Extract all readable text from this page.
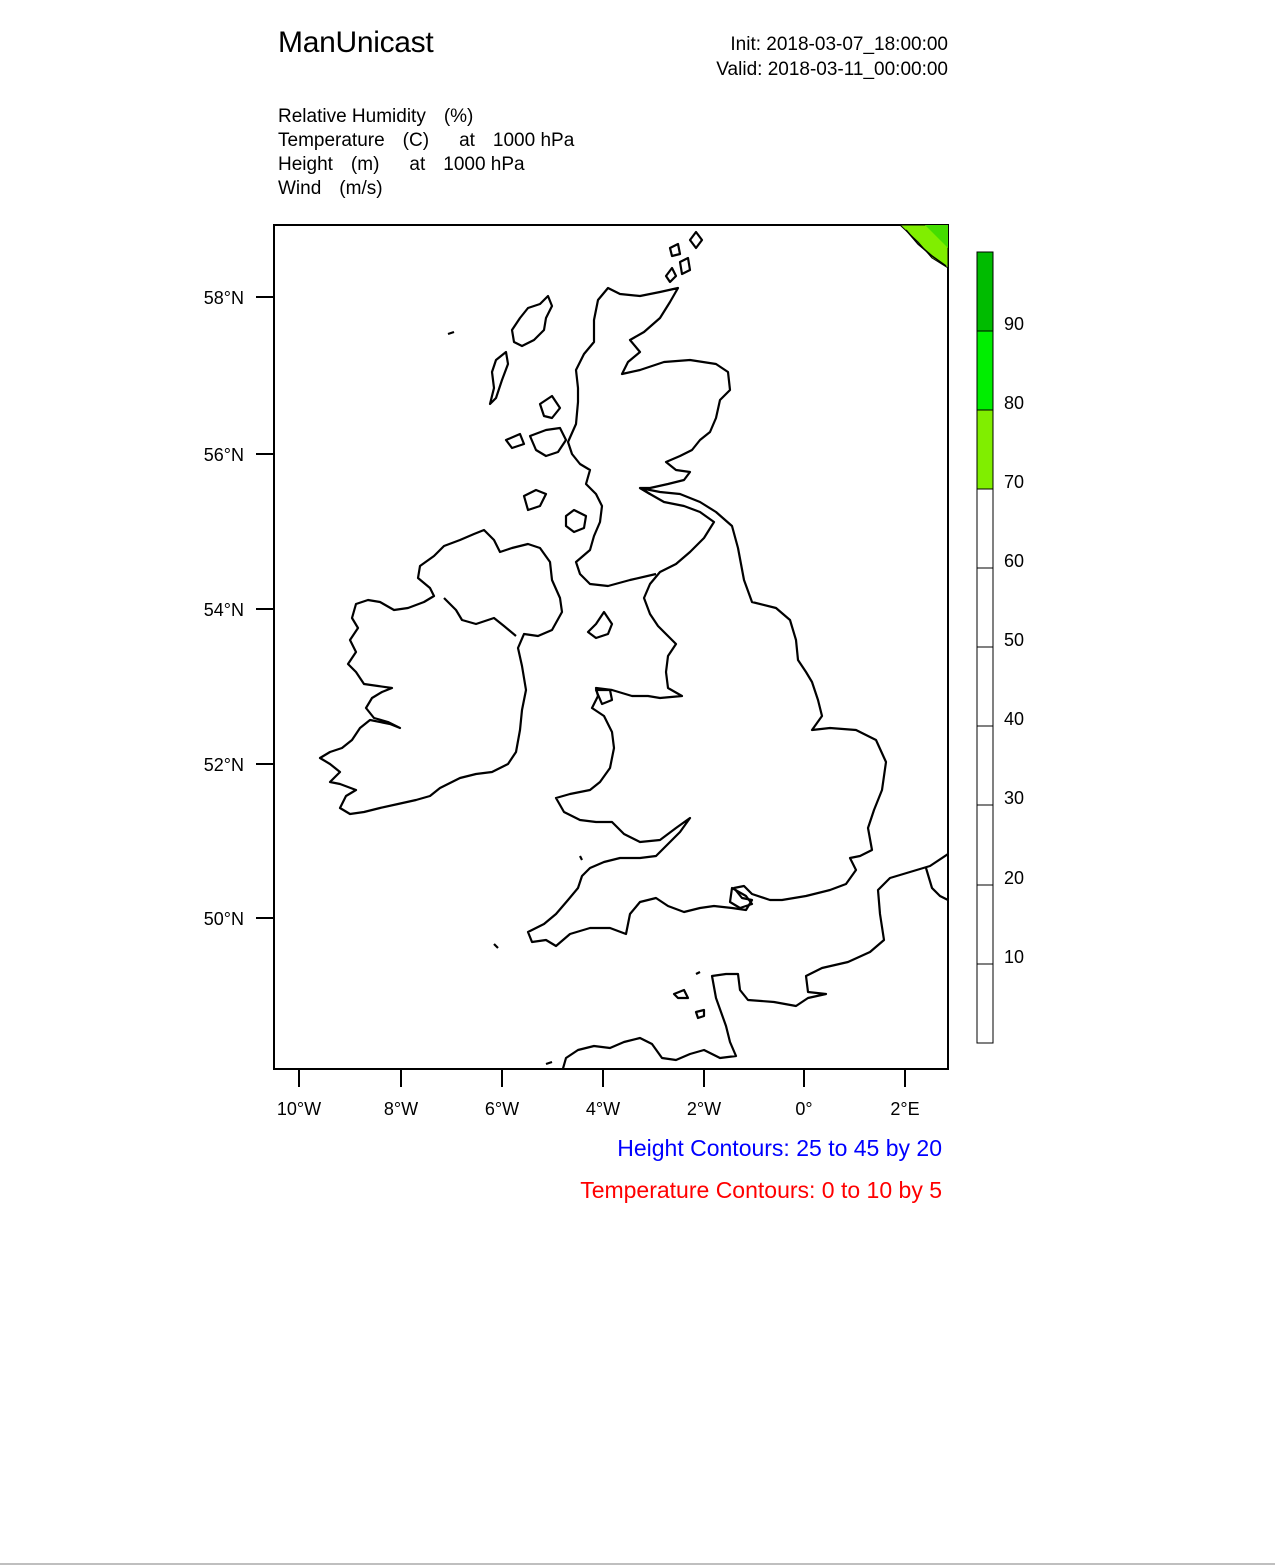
ManUnicast	Init: 2018-03-07_18:00:00
Valid: 2018-03-11_00:00:00
Relative Humidity (%)
Temperature (C) at 1000 hPa
Height (m) at 1000 hPa
Wind (m/s)
58°N
56°N
54°N
52°N
50°N
10°W	8°W	6°W	4°W	2°W	0°	2°E
90
80
70
60
50
40
30
20
10
Height Contours: 25 to 45 by 20
Temperature Contours: 0 to 10 by 5
